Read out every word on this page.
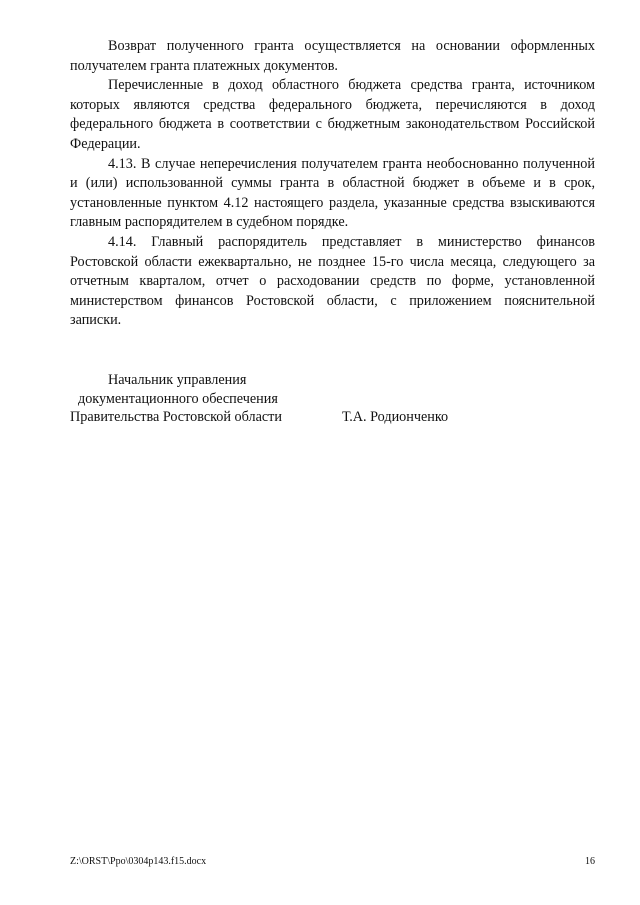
Возврат полученного гранта осуществляется на основании оформленных получателем гранта платежных документов.

Перечисленные в доход областного бюджета средства гранта, источником которых являются средства федерального бюджета, перечисляются в доход федерального бюджета в соответствии с бюджетным законодательством Российской Федерации.

4.13. В случае неперечисления получателем гранта необоснованно полученной и (или) использованной суммы гранта в областной бюджет в объеме и в срок, установленные пунктом 4.12 настоящего раздела, указанные средства взыскиваются главным распорядителем в судебном порядке.

4.14. Главный распорядитель представляет в министерство финансов Ростовской области ежеквартально, не позднее 15-го числа месяца, следующего за отчетным кварталом, отчет о расходовании средств по форме, установленной министерством финансов Ростовской области, с приложением пояснительной записки.

Начальник управления
документационного обеспечения
Правительства Ростовской области	Т.А. Родионченко
Z:\ORST\Ppo\0304p143.f15.docx	16
